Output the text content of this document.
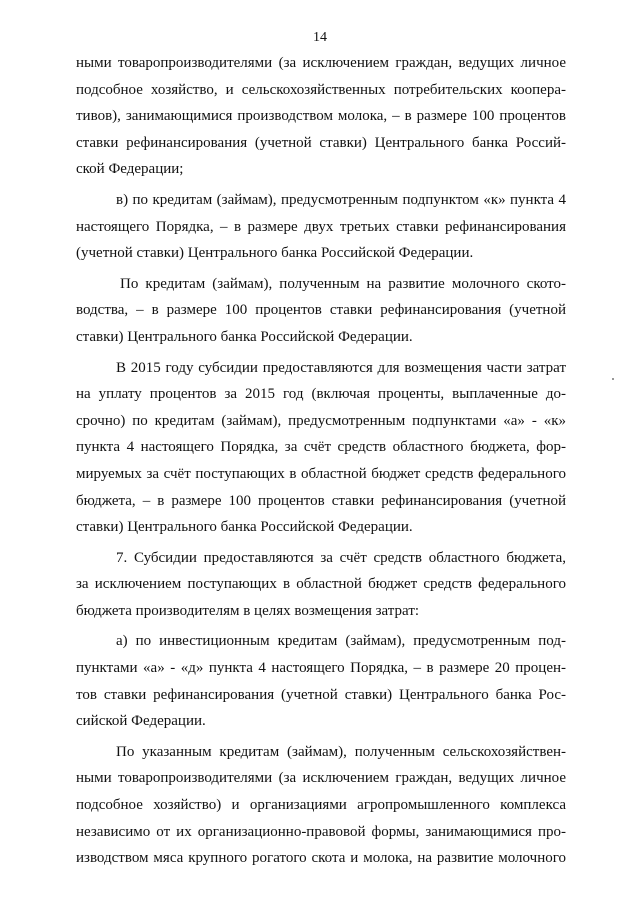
14
ными товаропроизводителями (за исключением граждан, ведущих личное
подсобное хозяйство, и сельскохозяйственных потребительских коопера-
тивов), занимающимися производством молока, – в размере 100 процентов
ставки рефинансирования (учетной ставки) Центрального банка Россий-
ской Федерации;
в) по кредитам (займам), предусмотренным подпунктом «к» пункта 4
настоящего Порядка, – в размере двух третьих ставки рефинансирования
(учетной ставки) Центрального банка Российской Федерации.
По кредитам (займам), полученным на развитие молочного ското-
водства, – в размере 100 процентов ставки рефинансирования (учетной
ставки) Центрального банка Российской Федерации.
В 2015 году субсидии предоставляются для возмещения части затрат
на уплату процентов за 2015 год (включая проценты, выплаченные до-
срочно) по кредитам (займам), предусмотренным подпунктами «а» - «к»
пункта 4 настоящего Порядка, за счёт средств областного бюджета, фор-
мируемых за счёт поступающих в областной бюджет средств федерального
бюджета, – в размере 100 процентов ставки рефинансирования (учетной
ставки) Центрального банка Российской Федерации.
7. Субсидии предоставляются за счёт средств областного бюджета,
за исключением поступающих в областной бюджет средств федерального
бюджета производителям в целях возмещения затрат:
а) по инвестиционным кредитам (займам), предусмотренным под-
пунктами «а» - «д» пункта 4 настоящего Порядка, – в размере 20 процен-
тов ставки рефинансирования (учетной ставки) Центрального банка Рос-
сийской Федерации.
По указанным кредитам (займам), полученным сельскохозяйствен-
ными товаропроизводителями (за исключением граждан, ведущих личное
подсобное хозяйство) и организациями агропромышленного комплекса
независимо от их организационно-правовой формы, занимающимися про-
изводством мяса крупного рогатого скота и молока, на развитие молочного
